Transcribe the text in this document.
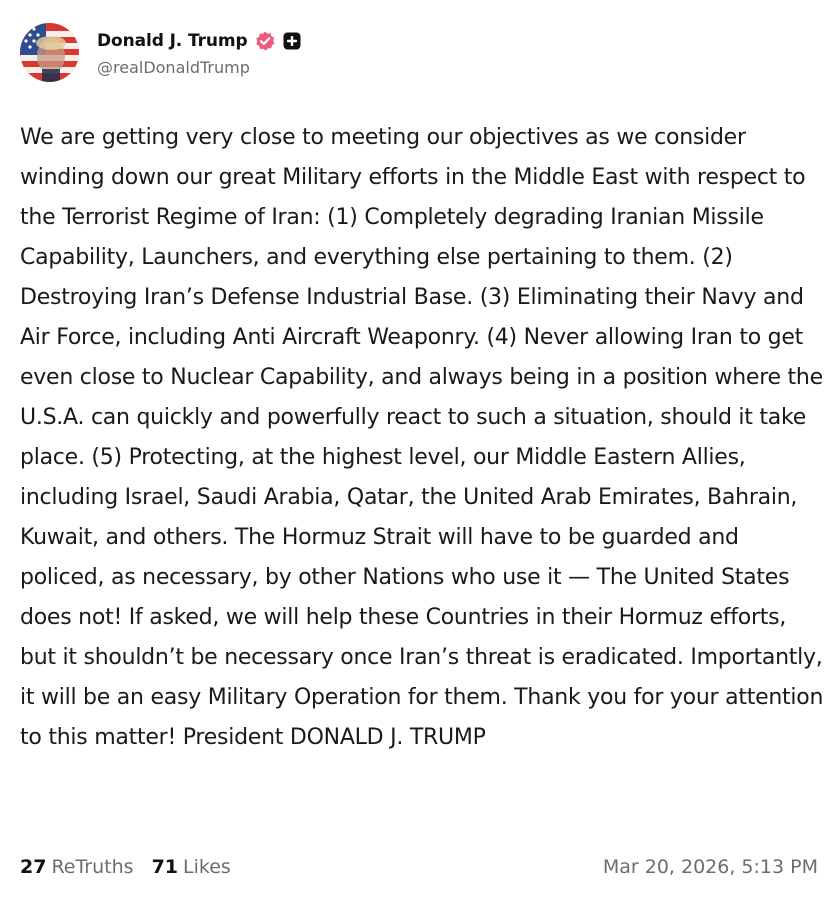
Donald J. Trump
@realDonaldTrump
We are getting very close to meeting our objectives as we consider winding down our great Military efforts in the Middle East with respect to the Terrorist Regime of Iran: (1) Completely degrading Iranian Missile Capability, Launchers, and everything else pertaining to them. (2) Destroying Iran’s Defense Industrial Base. (3) Eliminating their Navy and Air Force, including Anti Aircraft Weaponry. (4) Never allowing Iran to get even close to Nuclear Capability, and always being in a position where the U.S.A. can quickly and powerfully react to such a situation, should it take place. (5) Protecting, at the highest level, our Middle Eastern Allies, including Israel, Saudi Arabia, Qatar, the United Arab Emirates, Bahrain, Kuwait, and others. The Hormuz Strait will have to be guarded and policed, as necessary, by other Nations who use it — The United States does not! If asked, we will help these Countries in their Hormuz efforts, but it shouldn’t be necessary once Iran’s threat is eradicated. Importantly, it will be an easy Military Operation for them. Thank you for your attention to this matter! President DONALD J. TRUMP
27 ReTruths 71 Likes	Mar 20, 2026, 5:13 PM
